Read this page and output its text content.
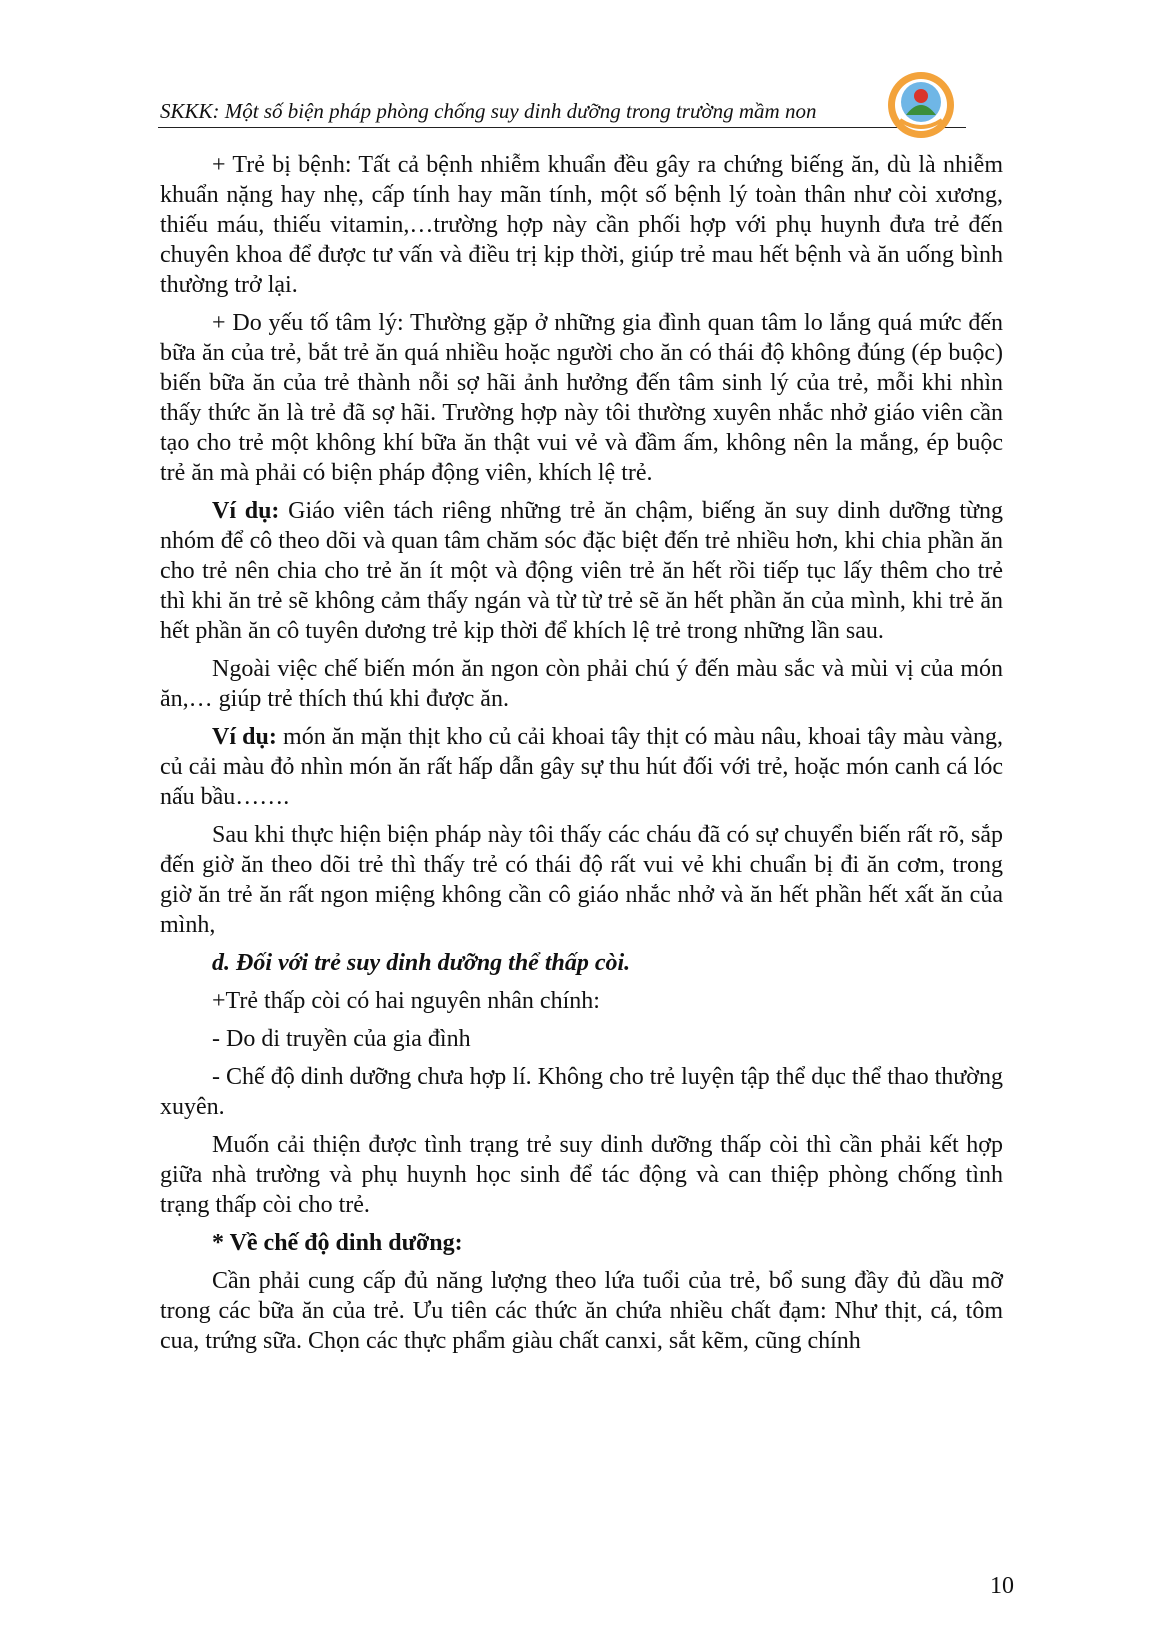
SKKK: Một số biện pháp phòng chống suy dinh dưỡng trong trường mầm non

+ Trẻ bị bệnh: Tất cả bệnh nhiễm khuẩn đều gây ra chứng biếng ăn, dù là nhiễm khuẩn nặng hay nhẹ, cấp tính hay mãn tính, một số bệnh lý toàn thân như còi xương, thiếu máu, thiếu vitamin,…trường hợp này cần phối hợp với phụ huynh đưa trẻ đến chuyên khoa để được tư vấn và điều trị kịp thời, giúp trẻ mau hết bệnh và ăn uống bình thường trở lại.

+ Do yếu tố tâm lý: Thường gặp ở những gia đình quan tâm lo lắng quá mức đến bữa ăn của trẻ, bắt trẻ ăn quá nhiều hoặc người cho ăn có thái độ không đúng (ép buộc) biến bữa ăn của trẻ thành nỗi sợ hãi ảnh hưởng đến tâm sinh lý của trẻ, mỗi khi nhìn thấy thức ăn là trẻ đã sợ hãi. Trường hợp này tôi thường xuyên nhắc nhở giáo viên cần tạo cho trẻ một không khí bữa ăn thật vui vẻ và đầm ấm, không nên la mắng, ép buộc trẻ ăn mà phải có biện pháp động viên, khích lệ trẻ.

Ví dụ: Giáo viên tách riêng những trẻ ăn chậm, biếng ăn suy dinh dưỡng từng nhóm để cô theo dõi và quan tâm chăm sóc đặc biệt đến trẻ nhiều hơn, khi chia phần ăn cho trẻ nên chia cho trẻ ăn ít một và động viên trẻ ăn hết rồi tiếp tục lấy thêm cho trẻ thì khi ăn trẻ sẽ không cảm thấy ngán và từ từ trẻ sẽ ăn hết phần ăn của mình, khi trẻ ăn hết phần ăn cô tuyên dương trẻ kịp thời để khích lệ trẻ trong những lần sau.

Ngoài việc chế biến món ăn ngon còn phải chú ý đến màu sắc và mùi vị của món ăn,… giúp trẻ thích thú khi được ăn.

Ví dụ: món ăn mặn thịt kho củ cải khoai tây thịt có màu nâu, khoai tây màu vàng, củ cải màu đỏ nhìn món ăn rất hấp dẫn gây sự thu hút đối với trẻ, hoặc món canh cá lóc nấu bầu…….

Sau khi thực hiện biện pháp này tôi thấy các cháu đã có sự chuyển biến rất rõ, sắp đến giờ ăn theo dõi trẻ thì thấy trẻ có thái độ rất vui vẻ khi chuẩn bị đi ăn cơm, trong giờ ăn trẻ ăn rất ngon miệng không cần cô giáo nhắc nhở và ăn hết phần hết xất ăn của mình,

d. Đối với trẻ suy dinh dưỡng thể thấp còi.

+Trẻ thấp còi có hai nguyên nhân chính:

- Do di truyền của gia đình

- Chế độ dinh dưỡng chưa hợp lí. Không cho trẻ luyện tập thể dục thể thao thường xuyên.

Muốn cải thiện được tình trạng trẻ suy dinh dưỡng thấp còi thì cần phải kết hợp giữa nhà trường và phụ huynh học sinh để tác động và can thiệp phòng chống tình trạng thấp còi cho trẻ.

* Về chế độ dinh dưỡng:

Cần phải cung cấp đủ năng lượng theo lứa tuổi của trẻ, bổ sung đầy đủ dầu mỡ trong các bữa ăn của trẻ. Ưu tiên các thức ăn chứa nhiều chất đạm: Như thịt, cá, tôm cua, trứng sữa. Chọn các thực phẩm giàu chất canxi, sắt kẽm, cũng chính

10
